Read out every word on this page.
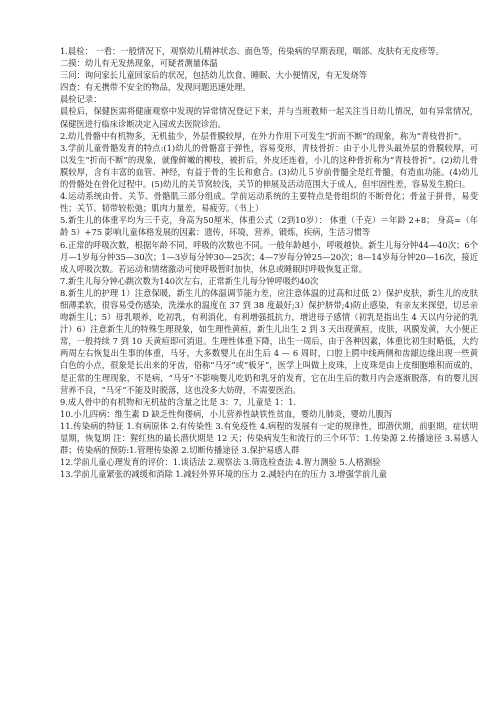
1.晨检： 一看：一般情况下，观察幼儿精神状态、面色等，传染病的早期表现，咽部、皮肤有无皮疹等。

二摸：幼儿有无发热现象，可疑者测量体温

三问：询问家长儿童回家后的状况，包括幼儿饮食、睡眠、大小便情况，有无发烧等

四查：有无携带不安全的物品，发现问题迅速处理。

晨检记录：

晨检后，保健医需将健康观察中发现的异常情况登记下来，并与当班教师一起关注当日幼儿情况，如有异常情况，保健医进行临床诊断决定入园或去医院诊治。

2.幼儿骨骼中有机物多，无机盐少，外层骨膜较厚，在外力作用下可发生“折而不断”的现象，称为“青枝骨折”。

3.学前儿童骨骼发育的特点:(1)幼儿的骨骼富于弹性，容易变形，青枝骨折：由于小儿骨头最外层的骨膜较厚，可以发生“折而不断”的现象，就像鲜嫩的柳枝，被折后，外皮还连着，小儿的这种骨折称为“青枝骨折”。(2)幼儿骨膜较厚，含有丰富的血管、神经，有益于骨的生长和愈合。(3)幼儿５岁前骨髓全是红骨髓，有造血功能。(4)幼儿的骨骼处在骨化过程中。(5)幼儿的关节窝较浅，关节的伸展及活动范围大于成人，但牢固性差，容易发生脱臼。

4.运动系统由骨、关节、骨骼肌三部分组成。学前运动系统的主要特点是骨组织的不断骨化；骨盆于拼骨，易变性；关节、韧带较松弛；肌肉力量差，易疲劳。（书上）

5.新生儿的体重平均为三千克，身高为50厘米，体重公式（2到10岁）： 体重（千克）＝年龄 2+8； 身高=（年龄 5）+75 影响儿童体格发展的因素：遗传，环境，营养，锻炼，疾病，生活习惯等

6.正常的呼吸次数，根据年龄不同，呼吸的次数也不同。一般年龄越小，呼吸越快。新生儿每分钟44—40次；6个月—1岁每分钟35—30次；1—3岁每分钟30—25次；4—7岁每分钟25—20次；8—14岁每分钟20—16次，接近成人呼吸次数。若运动和情绪激动可使呼吸暂时加快，休息或睡眠时呼吸恢复正常。

7.新生儿每分钟心跳次数为140次左右，正常新生儿每分钟呼吸约40次

8.新生儿的护理 1）注意保暖，新生儿的体温调节能力差，应注意体温的过高和过低 2）保护皮肤，新生儿的皮肤细薄柔软，很容易受伤感染，洗澡水的温度在 37 到 38 度最好;3）保护脐带;4)防止感染，有亲友来探望，切忌亲吻新生儿；5）母乳喂养，吃初乳，有利消化，有利增强抵抗力，增进母子感情（初乳是指出生 4 天以内分泌的乳汁）6）注意新生儿的特殊生理现象，如生理性黄疸，新生儿出生 2 到 3 天出现黄疸，皮肤，巩膜发黄，大小便正常，一般持续 7 到 10 天黄疸即可消退。生理性体重下降，出生一周后，由于各种因素，体重比初生时略低，大约两周左右恢复出生事的体重，马牙，大多数婴儿在出生后 4 — 6 周时，口腔上腭中线两侧和齿龈边缘出现一些黄白色的小点，很象是长出来的牙齿，俗称“马牙”或“板牙”，医学上叫做上皮珠，上皮珠是由上皮细胞堆积而成的，是正常的生理现象，不是病，“马牙”不影响婴儿吃奶和乳牙的发育，它在出生后的数月内会逐渐脱落，有的婴儿因营养不良，“马牙”不能及时脱落，这也没多大妨碍，不需要医治。

9.成人骨中的有机物和无机盐的含量之比是 3：7，儿童是 1：1.

10.小儿四病：维生素 D 缺乏性佝偻病，小儿营养性缺铁性贫血，婴幼儿肺炎，婴幼儿腹泻

11.传染病的特征 1.有病原体 2.有传染性 3.有免疫性 4.病程的发展有一定的规律性，即潜伏期，前驱期，症状明显期，恢复期 注：猩红热的最长潜伏期是 12 天；传染病发生和流行的三个环节：1.传染源 2.传播途径 3.易感人群；传染病的预防:1.管理传染源 2.切断传播途径 3.保护易感人群

12.学前儿童心理发育的评价：1.谈话法 2.观察法 3.筛选检查法 4.智力测验 5.人格测验

13.学前儿童紧张的减缓和消除 1.减轻外界环境的压力 2.减轻内在的压力 3.增强学前儿童
